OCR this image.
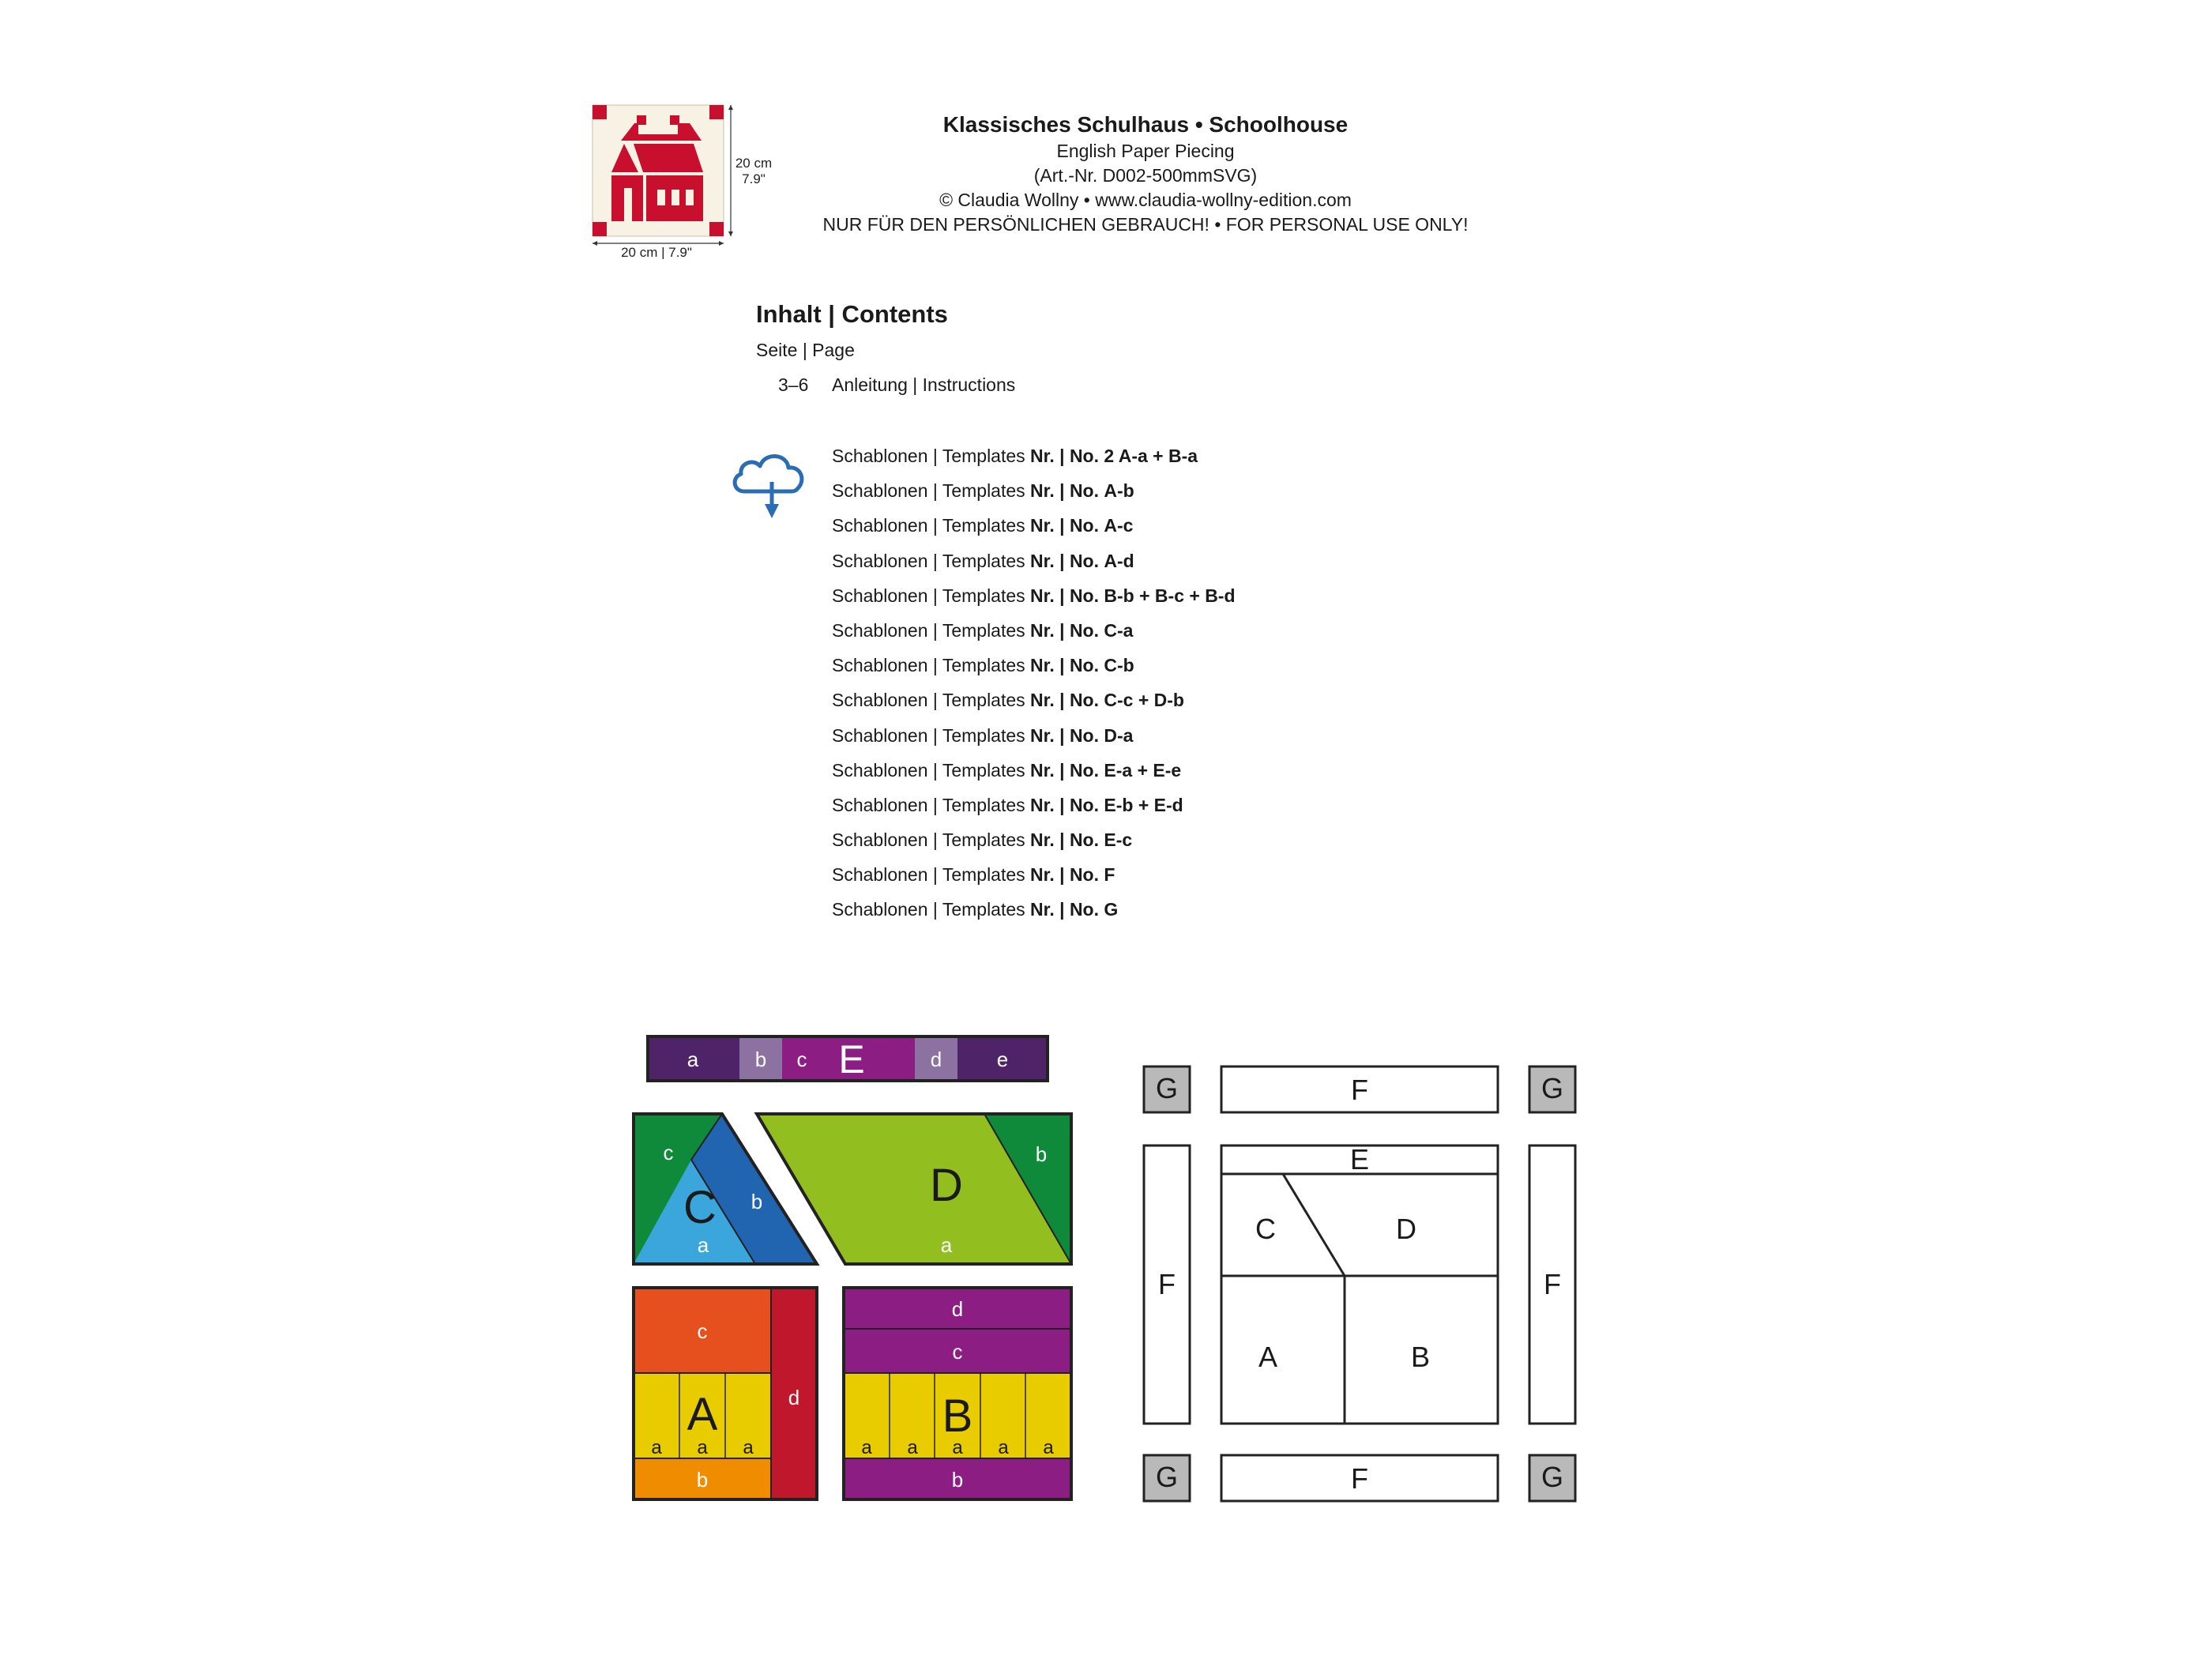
Klassisches Schulhaus • Schoolhouse
English Paper Piecing
(Art.-Nr. D002-500mmSVG)
© Claudia Wollny • www.claudia-wollny-edition.com
NUR FÜR DEN PERSÖNLICHEN GEBRAUCH! • FOR PERSONAL USE ONLY!
20 cm | 7.9"
20 cm
7.9"
Inhalt | Contents
Seite | Page
3–6 Anleitung | Instructions
Schablonen | Templates Nr. | No. 2 A-a + B-a
Schablonen | Templates Nr. | No. A-b
Schablonen | Templates Nr. | No. A-c
Schablonen | Templates Nr. | No. A-d
Schablonen | Templates Nr. | No. B-b + B-c + B-d
Schablonen | Templates Nr. | No. C-a
Schablonen | Templates Nr. | No. C-b
Schablonen | Templates Nr. | No. C-c + D-b
Schablonen | Templates Nr. | No. D-a
Schablonen | Templates Nr. | No. E-a + E-e
Schablonen | Templates Nr. | No. E-b + E-d
Schablonen | Templates Nr. | No. E-c
Schablonen | Templates Nr. | No. F
Schablonen | Templates Nr. | No. G
a	b c E	d	e
c
b
C
a
b
D
a
c
d
A
a a a
b
d
c
B
a a a a a
b
G	G
G	G
F
F
F	F
E
C	D
A	B
